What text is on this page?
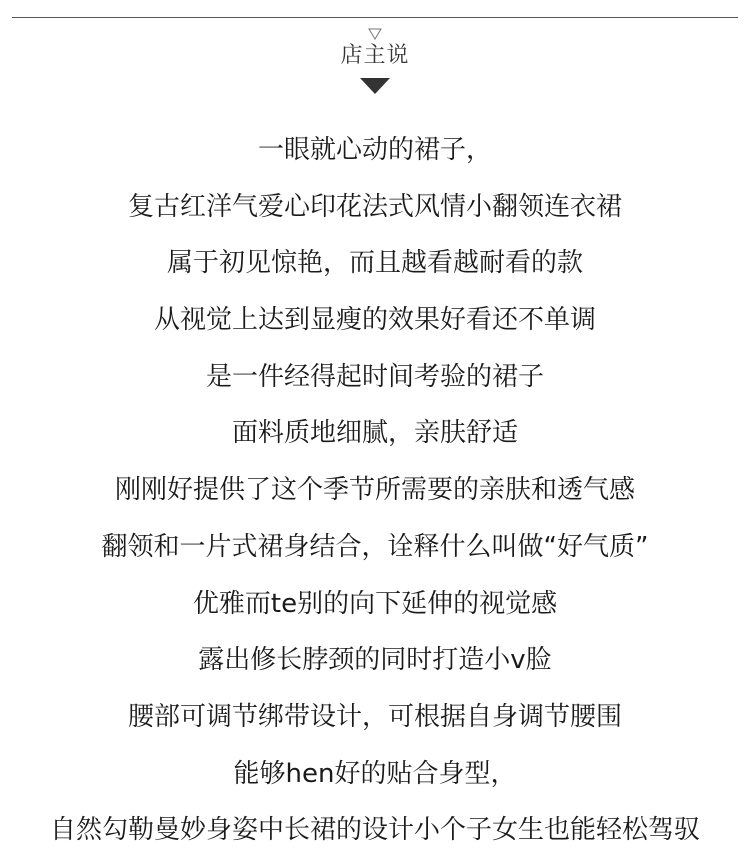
店主说
一眼就心动的裙子，
复古红洋气爱心印花法式风情小翻领连衣裙
属于初见惊艳，而且越看越耐看的款
从视觉上达到显瘦的效果好看还不单调
是一件经得起时间考验的裙子
面料质地细腻，亲肤舒适
刚刚好提供了这个季节所需要的亲肤和透气感
翻领和一片式裙身结合，诠释什么叫做“好气质”
优雅而te别的向下延伸的视觉感
露出修长脖颈的同时打造小v脸
腰部可调节绑带设计，可根据自身调节腰围
能够hen好的贴合身型，
自然勾勒曼妙身姿中长裙的设计小个子女生也能轻松驾驭
